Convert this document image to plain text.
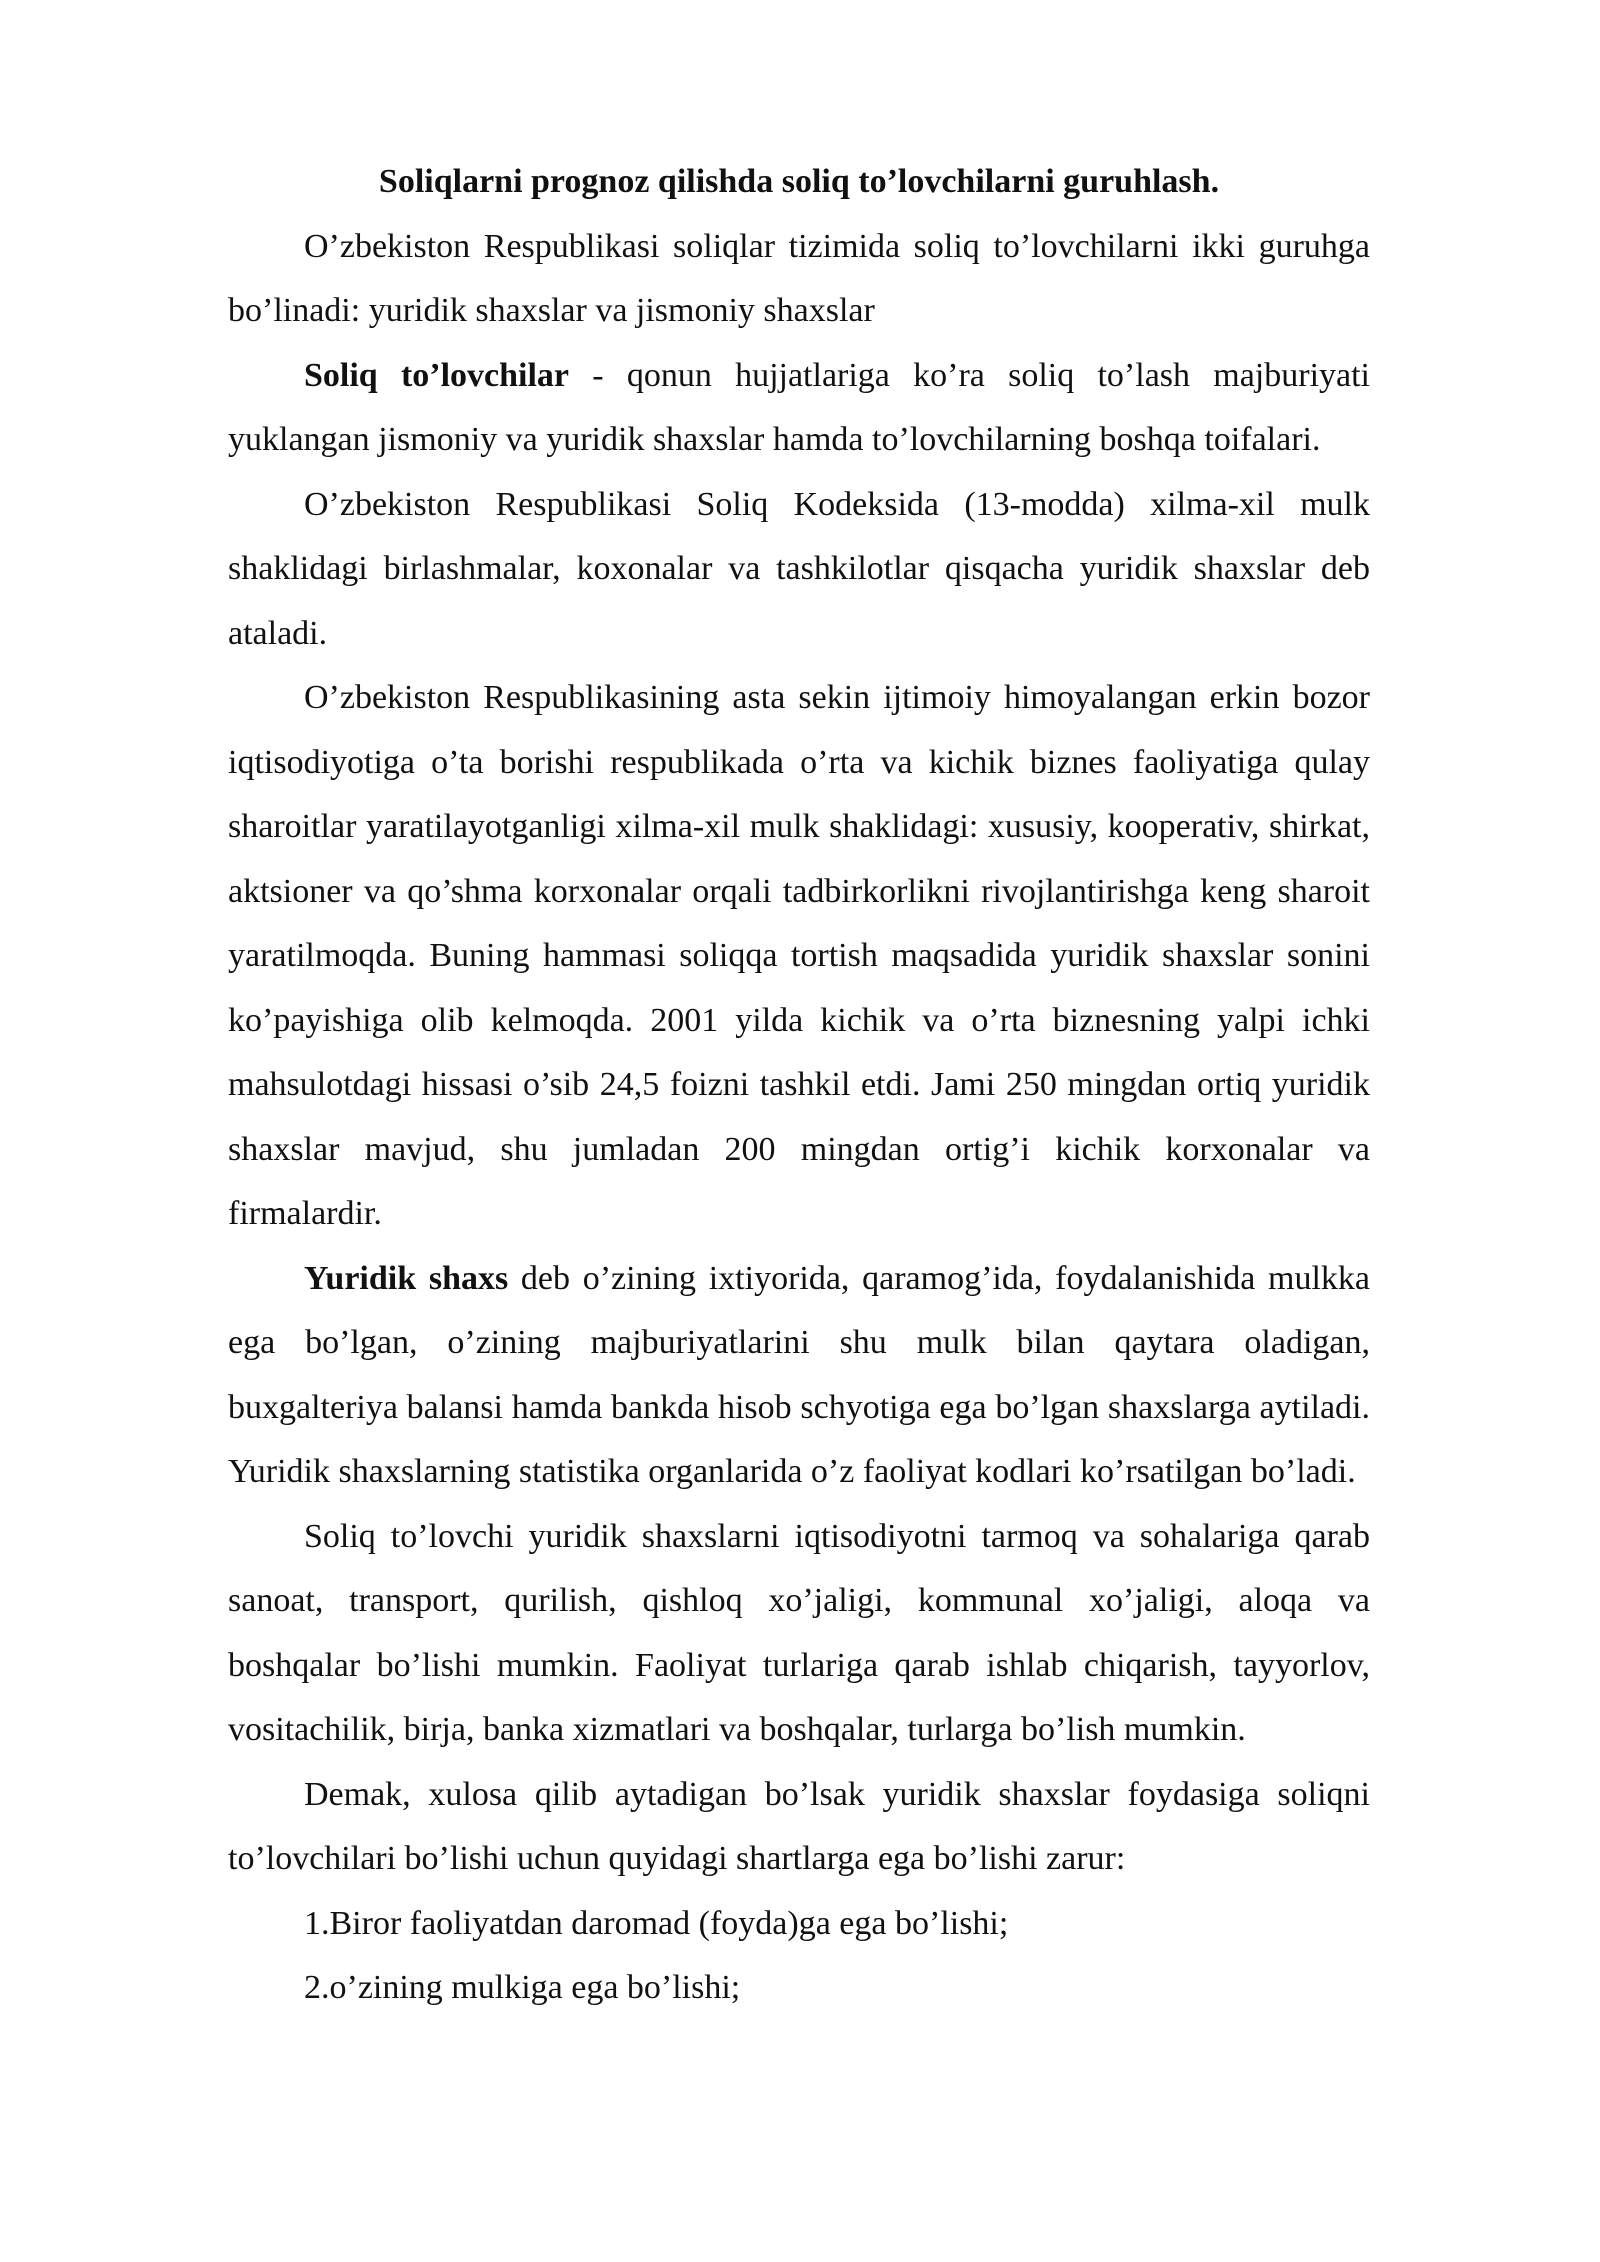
Soliqlarni prognoz qilishda soliq to’lovchilarni guruhlash.

O’zbekiston Respublikasi soliqlar tizimida soliq to’lovchilarni ikki guruhga bo’linadi: yuridik shaxslar va jismoniy shaxslar

Soliq to’lovchilar - qonun hujjatlariga ko’ra soliq to’lash majburiyati yuklangan jismoniy va yuridik shaxslar hamda to’lovchilarning boshqa toifalari.

O’zbekiston Respublikasi Soliq Kodeksida (13-modda) xilma-xil mulk shaklidagi birlashmalar, koxonalar va tashkilotlar qisqacha yuridik shaxslar deb ataladi.

O’zbekiston Respublikasining asta sekin ijtimoiy himoyalangan erkin bozor iqtisodiyotiga o’ta borishi respublikada o’rta va kichik biznes faoliyatiga qulay sharoitlar yaratilayotganligi xilma-xil mulk shaklidagi: xususiy, kooperativ, shirkat, aktsioner va qo’shma korxonalar orqali tadbirkorlikni rivojlantirishga keng sharoit yaratilmoqda. Buning hammasi soliqqa tortish maqsadida yuridik shaxslar sonini ko’payishiga olib kelmoqda. 2001 yilda kichik va o’rta biznesning yalpi ichki mahsulotdagi hissasi o’sib 24,5 foizni tashkil etdi. Jami 250 mingdan ortiq yuridik shaxslar mavjud, shu jumladan 200 mingdan ortig’i kichik korxonalar va firmalardir.

Yuridik shaxs deb o’zining ixtiyorida, qaramog’ida, foydalanishida mulkka ega bo’lgan, o’zining majburiyatlarini shu mulk bilan qaytara oladigan, buxgalteriya balansi hamda bankda hisob schyotiga ega bo’lgan shaxslarga aytiladi. Yuridik shaxslarning statistika organlarida o’z faoliyat kodlari ko’rsatilgan bo’ladi.

Soliq to’lovchi yuridik shaxslarni iqtisodiyotni tarmoq va sohalariga qarab sanoat, transport, qurilish, qishloq xo’jaligi, kommunal xo’jaligi, aloqa va boshqalar bo’lishi mumkin. Faoliyat turlariga qarab ishlab chiqarish, tayyorlov, vositachilik, birja, banka xizmatlari va boshqalar, turlarga bo’lish mumkin.

Demak, xulosa qilib aytadigan bo’lsak yuridik shaxslar foydasiga soliqni to’lovchilari bo’lishi uchun quyidagi shartlarga ega bo’lishi zarur:

1.Biror faoliyatdan daromad (foyda)ga ega bo’lishi;

2.o’zining mulkiga ega bo’lishi;
